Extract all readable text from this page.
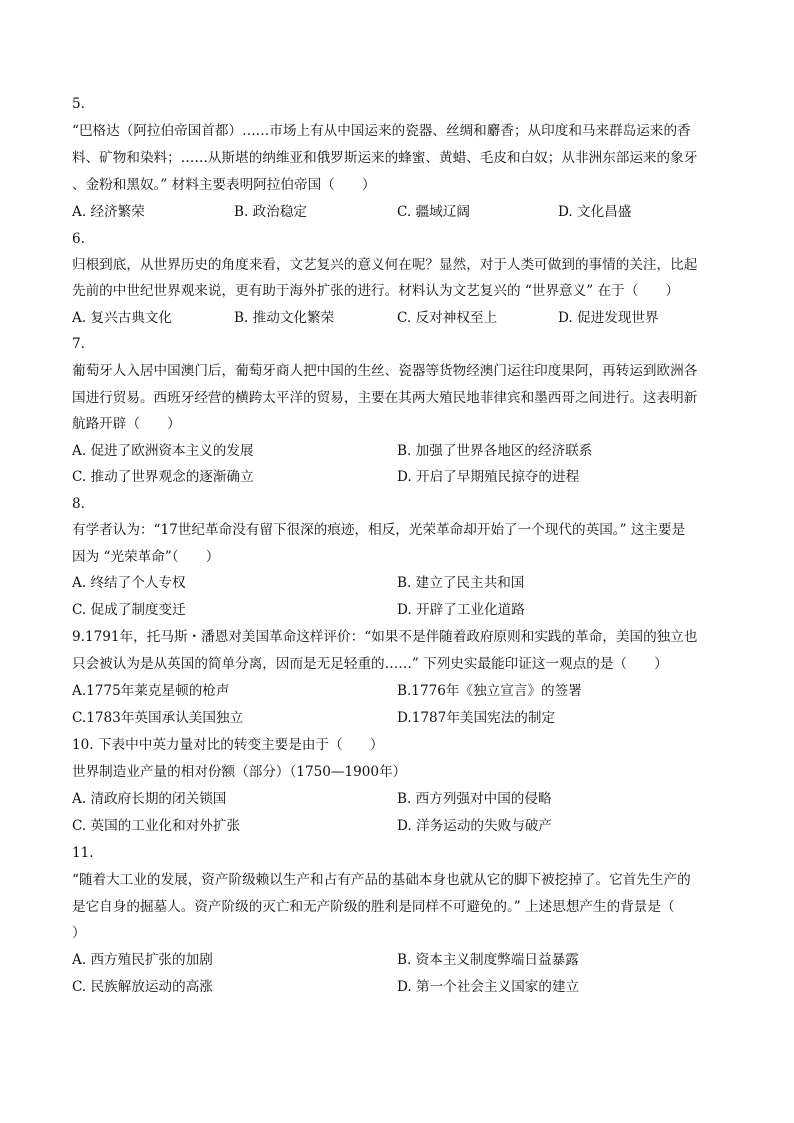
5.
“巴格达（阿拉伯帝国首都）……市场上有从中国运来的瓷器、丝绸和麝香；从印度和马来群岛运来的香
料、矿物和染料；……从斯堪的纳维亚和俄罗斯运来的蜂蜜、黄蜡、毛皮和白奴；从非洲东部运来的象牙
、金粉和黑奴。” 材料主要表明阿拉伯帝国（　　）
A. 经济繁荣	B. 政治稳定	C. 疆域辽阔	D. 文化昌盛
6.
归根到底，从世界历史的角度来看，文艺复兴的意义何在呢？显然，对于人类可做到的事情的关注，比起
先前的中世纪世界观来说，更有助于海外扩张的进行。材料认为文艺复兴的 “世界意义” 在于（　　）
A. 复兴古典文化	B. 推动文化繁荣	C. 反对神权至上	D. 促进发现世界
7.
葡萄牙人入居中国澳门后，葡萄牙商人把中国的生丝、瓷器等货物经澳门运往印度果阿，再转运到欧洲各
国进行贸易。西班牙经营的横跨太平洋的贸易，主要在其两大殖民地菲律宾和墨西哥之间进行。这表明新
航路开辟（　　）
A. 促进了欧洲资本主义的发展	B. 加强了世界各地区的经济联系
C. 推动了世界观念的逐渐确立	D. 开启了早期殖民掠夺的进程
8.
有学者认为：“17世纪革命没有留下很深的痕迹，相反，光荣革命却开始了一个现代的英国。” 这主要是
因为 “光荣革命”（　　）
A. 终结了个人专权	B. 建立了民主共和国
C. 促成了制度变迁	D. 开辟了工业化道路
9.1791年，托马斯・潘恩对美国革命这样评价：“如果不是伴随着政府原则和实践的革命，美国的独立也
只会被认为是从英国的简单分离，因而是无足轻重的……” 下列史实最能印证这一观点的是（　　）
A.1775年莱克星顿的枪声	B.1776年《独立宣言》的签署
C.1783年英国承认美国独立	D.1787年美国宪法的制定
10. 下表中中英力量对比的转变主要是由于（　　）
世界制造业产量的相对份额（部分）（1750—1900年）
A. 清政府长期的闭关锁国	B. 西方列强对中国的侵略
C. 英国的工业化和对外扩张	D. 洋务运动的失败与破产
11.
“随着大工业的发展，资产阶级赖以生产和占有产品的基础本身也就从它的脚下被挖掉了。它首先生产的
是它自身的掘墓人。资产阶级的灭亡和无产阶级的胜利是同样不可避免的。” 上述思想产生的背景是（
）
A. 西方殖民扩张的加剧	B. 资本主义制度弊端日益暴露
C. 民族解放运动的高涨	D. 第一个社会主义国家的建立
